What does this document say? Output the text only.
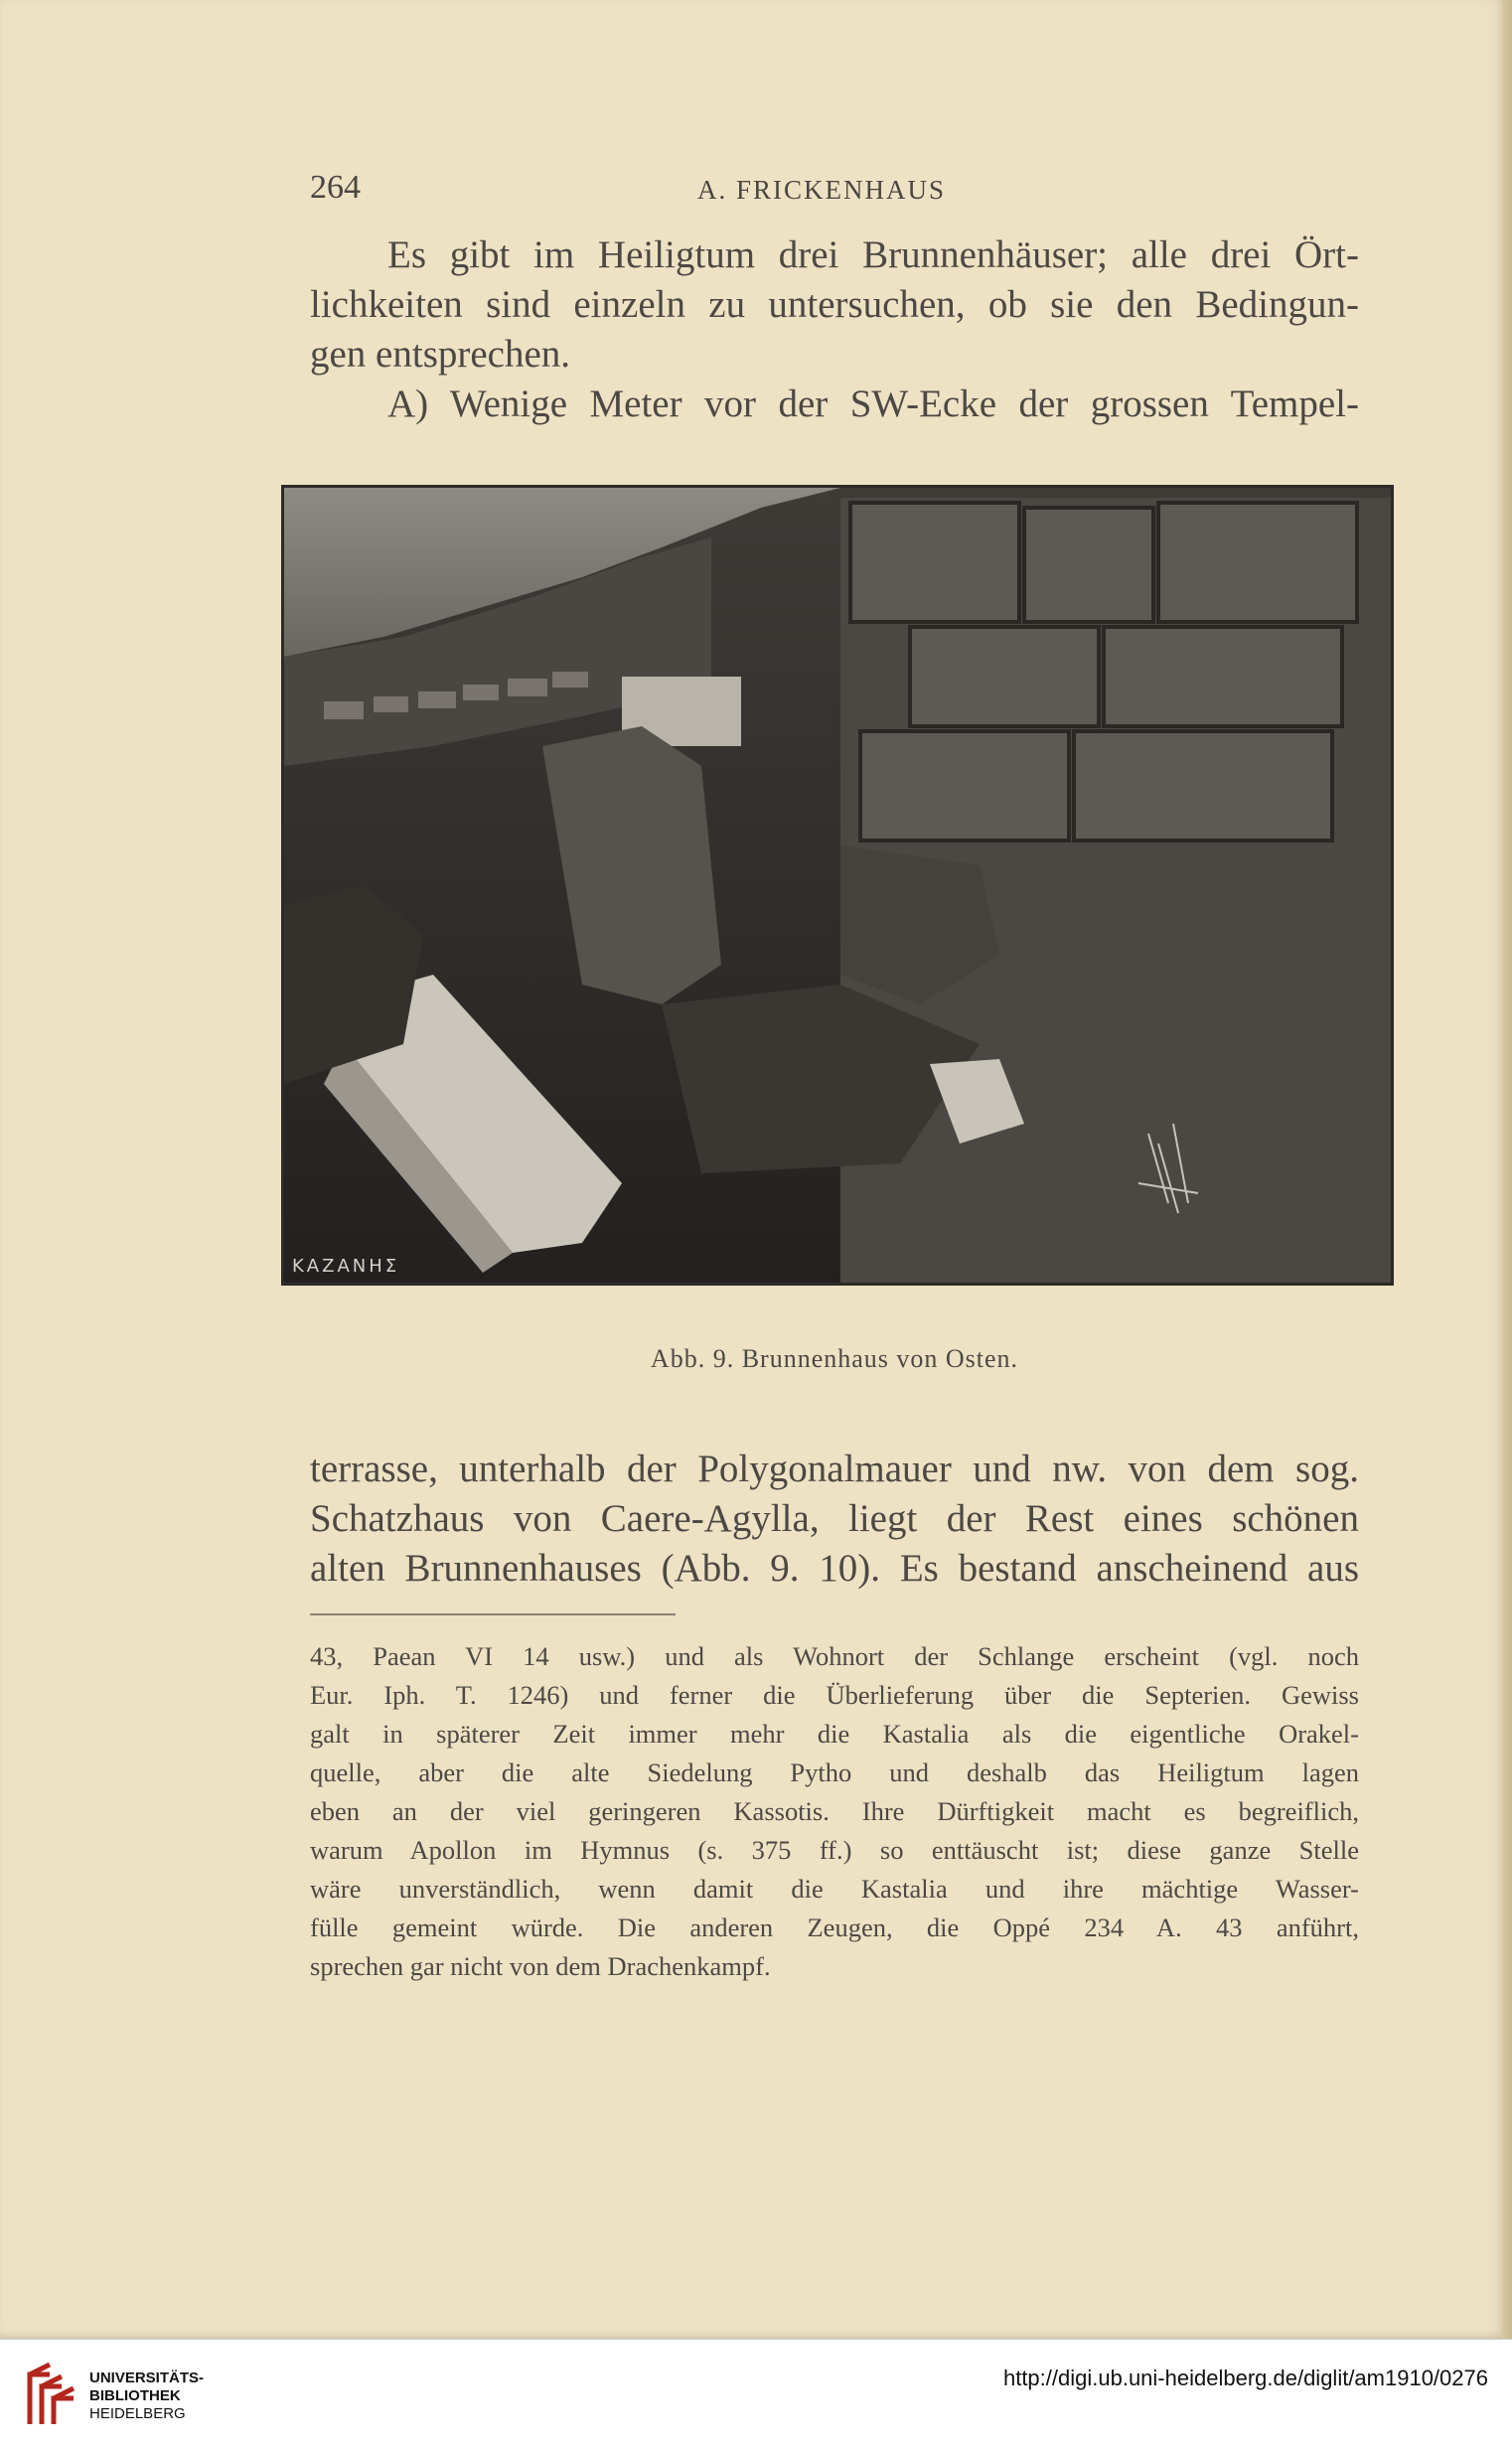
264	A. FRICKENHAUS

Es gibt im Heiligtum drei Brunnenhäuser; alle drei Ört-

lichkeiten sind einzeln zu untersuchen, ob sie den Bedingun-

gen entsprechen.

A) Wenige Meter vor der SW-Ecke der grossen Tempel-

ΚΑΖΑΝΗΣ
Abb. 9. Brunnenhaus von Osten.

terrasse, unterhalb der Polygonalmauer und nw. von dem sog.

Schatzhaus von Caere-Agylla, liegt der Rest eines schönen

alten Brunnenhauses (Abb. 9. 10). Es bestand anscheinend aus

43, Paean VI 14 usw.) und als Wohnort der Schlange erscheint (vgl. noch

Eur. Iph. T. 1246) und ferner die Überlieferung über die Septerien. Gewiss

galt in späterer Zeit immer mehr die Kastalia als die eigentliche Orakel-

quelle, aber die alte Siedelung Pytho und deshalb das Heiligtum lagen

eben an der viel geringeren Kassotis. Ihre Dürftigkeit macht es begreiflich,

warum Apollon im Hymnus (s. 375 ff.) so enttäuscht ist; diese ganze Stelle

wäre unverständlich, wenn damit die Kastalia und ihre mächtige Wasser-

fülle gemeint würde. Die anderen Zeugen, die Oppé 234 A. 43 anführt,

sprechen gar nicht von dem Drachenkampf.

UNIVERSITÄTS-
BIBLIOTHEK
HEIDELBERG
http://digi.ub.uni-heidelberg.de/diglit/am1910/0276
